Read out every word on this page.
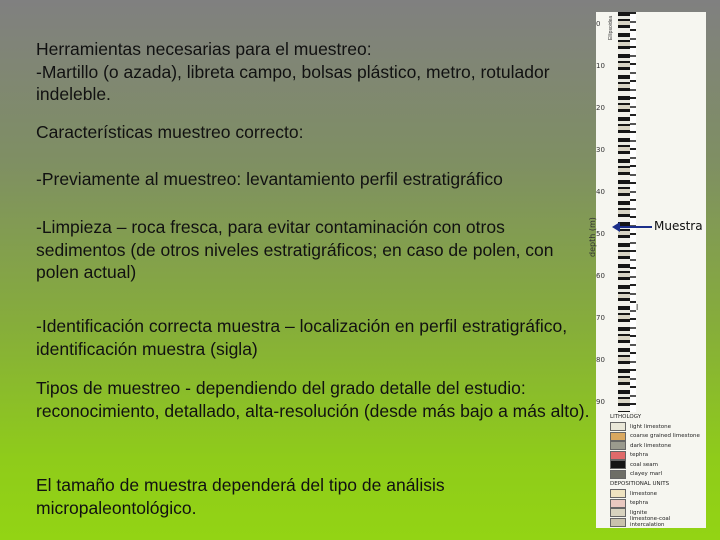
Herramientas necesarias para el muestreo:
-Martillo (o azada), libreta campo, bolsas plástico, metro, rotulador indeleble.
Características muestreo correcto:
-Previamente al muestreo: levantamiento perfil estratigráfico
-Limpieza – roca fresca, para evitar contaminación con otros sedimentos (de otros niveles estratigráficos; en caso de polen, con polen actual)
-Identificación correcta muestra – localización en perfil estratigráfico, identificación muestra (sigla)
Tipos de muestreo - dependiendo del grado detalle del estudio: reconocimiento, detallado, alta-resolución (desde más bajo a más alto).
El tamaño de muestra dependerá del tipo de análisis micropaleontológico.
Ellipsoidea
0
10
20
30
40
50
60
70
80
90
depth (m)
LITHOLOGY
light limestone
coarse grained limestone
dark limestone
tephra
coal seam
clayey marl
DEPOSITIONAL UNITS
limestone
tephra
lignite
limestone-coal intercalation
I
Muestra
